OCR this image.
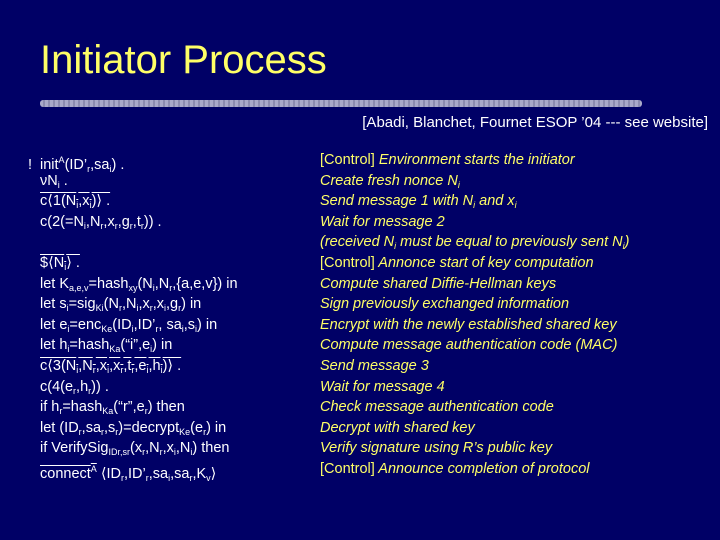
Initiator Process
[Abadi, Blanchet, Fournet ESOP ’04 --- see website]
! $init^A(ID’_r,sa_i)$ .
$\nu N_i$ .
$c⟨1(N_i,x_i)⟩$ .
$c(2(=N_i,N_r,x_r,g_r,t_r))$ .
$\$⟨N_i⟩$ .
let $K_{a,e,v}=hash_{xy}(N_i,N_r,\{a,e,v\})$ in
let $s_i=sig_{Ki}(N_r,N_i,x_r,x_i,g_r)$ in
let $e_i=enc_{Ke}(ID_i,ID’_r$, $sa_i,s_i$) in
let $h_i=hash_{Ka}(“i”,e_i)$ in
$c⟨3(N_i,N_r,x_i,x_r,t_r,e_i,h_i)⟩$ .
$c(4(e_r,h_r))$ .
if $h_r=hash_{Ka}(“r”,e_r)$ then
let $(ID_r,sa_r,s_r)=decrypt_{Ke}(e_r)$ in
if $VerifySig_{IDr,sr}(x_r,N_r,x_i,N_i)$ then
connect$^A$ $⟨ID_r,ID’_r,sa_i,sa_r,K_v⟩$
[Control] Environment starts the initiator
Create fresh nonce $N_i$
Send message 1 with $N_i$ and $x_i$
Wait for message 2
(received $N_i$ must be equal to previously sent $N_i$)
[Control] Annonce start of key computation
Compute shared Diffie-Hellman keys
Sign previously exchanged information
Encrypt with the newly established shared key
Compute message authentication code (MAC)
Send message 3
Wait for message 4
Check message authentication code
Decrypt with shared key
Verify signature using R’s public key
[Control] Announce completion of protocol
